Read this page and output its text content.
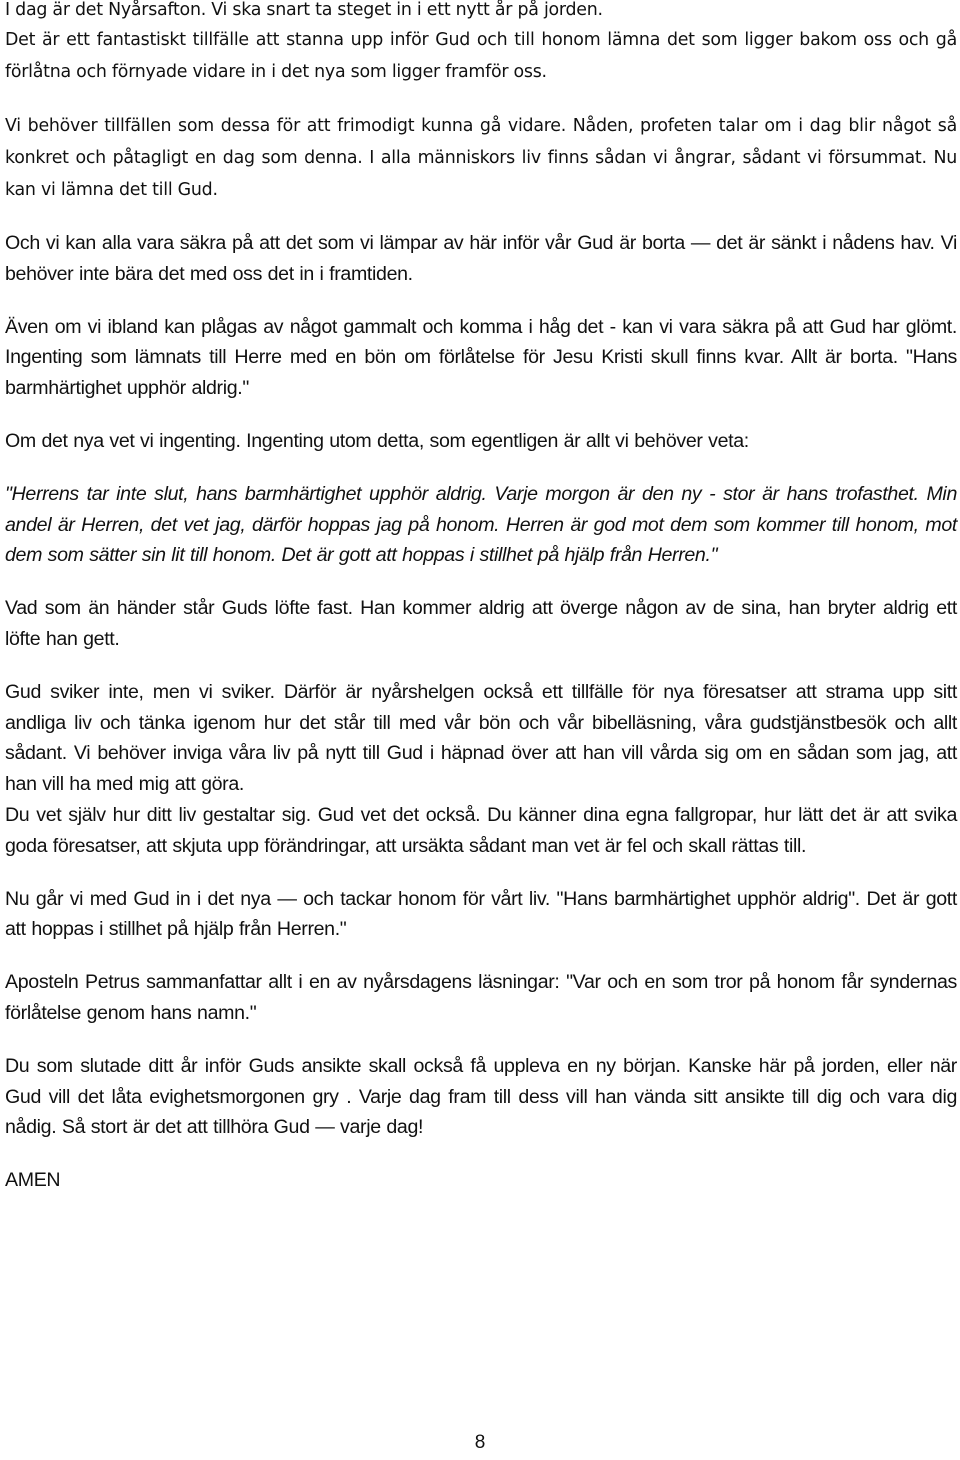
I dag är det Nyårsafton. Vi ska snart ta steget in i ett nytt år på jorden.

Det är ett fantastiskt tillfälle att stanna upp inför Gud och till honom lämna det som ligger bakom oss och gå förlåtna och förnyade vidare in i det nya som ligger framför oss.

Vi behöver tillfällen som dessa för att frimodigt kunna gå vidare. Nåden, profeten talar om i dag blir något så konkret och påtagligt en dag som denna. I alla människors liv finns sådan vi ångrar, sådant vi försummat. Nu kan vi lämna det till Gud.

Och vi kan alla vara säkra på att det som vi lämpar av här inför vår Gud är borta — det är sänkt i nådens hav. Vi behöver inte bära det med oss det in i framtiden.

Även om vi ibland kan plågas av något gammalt och komma i håg det - kan vi vara säkra på att Gud har glömt. Ingenting som lämnats till Herre med en bön om förlåtelse för Jesu Kristi skull finns kvar. Allt är borta. "Hans barmhärtighet upphör aldrig."

Om det nya vet vi ingenting. Ingenting utom detta, som egentligen är allt vi behöver veta:

"Herrens tar inte slut, hans barmhärtighet upphör aldrig. Varje morgon är den ny - stor är hans trofasthet. Min andel är Herren, det vet jag, därför hoppas jag på honom. Herren är god mot dem som kommer till honom, mot dem som sätter sin lit till honom. Det är gott att hoppas i stillhet på hjälp från Herren."

Vad som än händer står Guds löfte fast. Han kommer aldrig att överge någon av de sina, han bryter aldrig ett löfte han gett.

Gud sviker inte, men vi sviker. Därför är nyårshelgen också ett tillfälle för nya föresatser att strama upp sitt andliga liv och tänka igenom hur det står till med vår bön och vår bibelläsning, våra gudstjänstbesök och allt sådant. Vi behöver inviga våra liv på nytt till Gud i häpnad över att han vill vårda sig om en sådan som jag, att han vill ha med mig att göra.

Du vet själv hur ditt liv gestaltar sig. Gud vet det också. Du känner dina egna fallgropar, hur lätt det är att svika goda föresatser, att skjuta upp förändringar, att ursäkta sådant man vet är fel och skall rättas till.

Nu går vi med Gud in i det nya — och tackar honom för vårt liv. "Hans barmhärtighet upphör aldrig". Det är gott att hoppas i stillhet på hjälp från Herren."

Aposteln Petrus sammanfattar allt i en av nyårsdagens läsningar: "Var och en som tror på honom får syndernas förlåtelse genom hans namn."

Du som slutade ditt år inför Guds ansikte skall också få uppleva en ny början. Kanske här på jorden, eller när Gud vill det låta evighetsmorgonen gry . Varje dag fram till dess vill han vända sitt ansikte till dig och vara dig nådig. Så stort är det att tillhöra Gud — varje dag!

AMEN

8
